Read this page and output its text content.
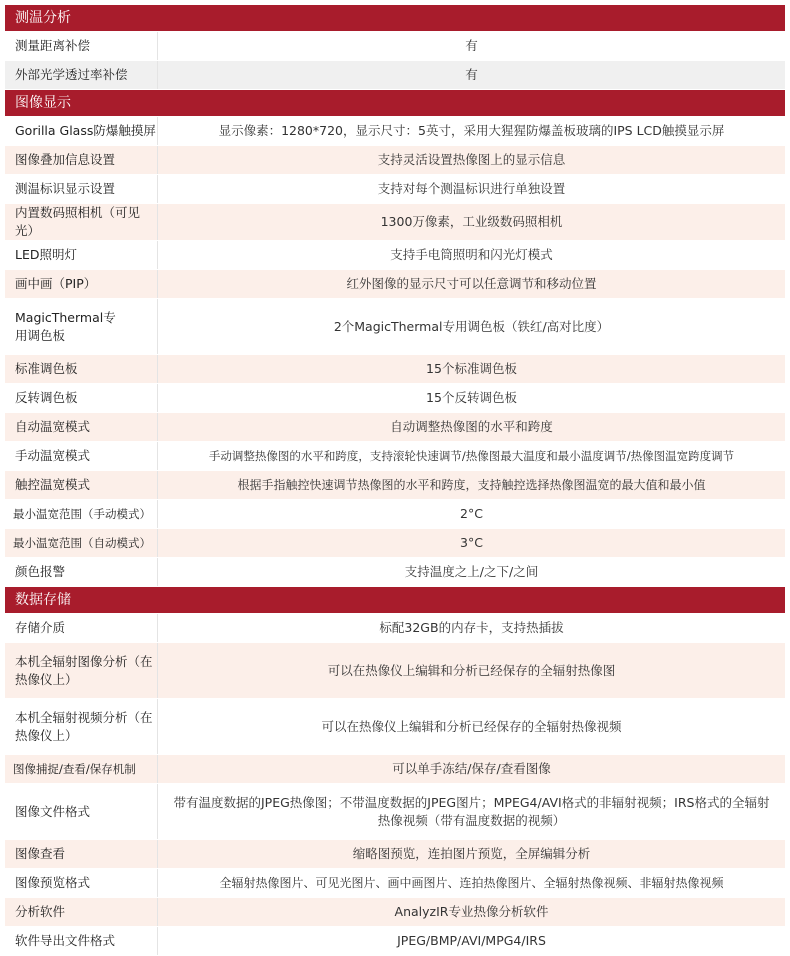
测温分析	
测量距离补偿	有
外部光学透过率补偿	有
图像显示	
Gorilla Glass防爆触摸屏	显示像素：1280*720，显示尺寸：5英寸，采用大猩猩防爆盖板玻璃的IPS LCD触摸显示屏
图像叠加信息设置	支持灵活设置热像图上的显示信息
测温标识显示设置	支持对每个测温标识进行单独设置
内置数码照相机（可见光）	1300万像素，工业级数码照相机
LED照明灯	支持手电筒照明和闪光灯模式
画中画（PIP）	红外图像的显示尺寸可以任意调节和移动位置
MagicThermal专用调色板	2个MagicThermal专用调色板（铁红/高对比度）
标准调色板	15个标准调色板
反转调色板	15个反转调色板
自动温宽模式	自动调整热像图的水平和跨度
手动温宽模式	手动调整热像图的水平和跨度，支持滚轮快速调节/热像图最大温度和最小温度调节/热像图温宽跨度调节
触控温宽模式	根据手指触控快速调节热像图的水平和跨度，支持触控选择热像图温宽的最大值和最小值
最小温宽范围（手动模式）	2°C
最小温宽范围（自动模式）	3°C
颜色报警	支持温度之上/之下/之间
数据存储	
存储介质	标配32GB的内存卡，支持热插拔
本机全辐射图像分析（在热像仪上）	可以在热像仪上编辑和分析已经保存的全辐射热像图
本机全辐射视频分析（在热像仪上）	可以在热像仪上编辑和分析已经保存的全辐射热像视频
图像捕捉/查看/保存机制	可以单手冻结/保存/查看图像
图像文件格式	带有温度数据的JPEG热像图；不带温度数据的JPEG图片；MPEG4/AVI格式的非辐射视频；IRS格式的全辐射热像视频（带有温度数据的视频）
图像查看	缩略图预览，连拍图片预览，全屏编辑分析
图像预览格式	全辐射热像图片、可见光图片、画中画图片、连拍热像图片、全辐射热像视频、非辐射热像视频
分析软件	AnalyzIR专业热像分析软件
软件导出文件格式	JPEG/BMP/AVI/MPG4/IRS
